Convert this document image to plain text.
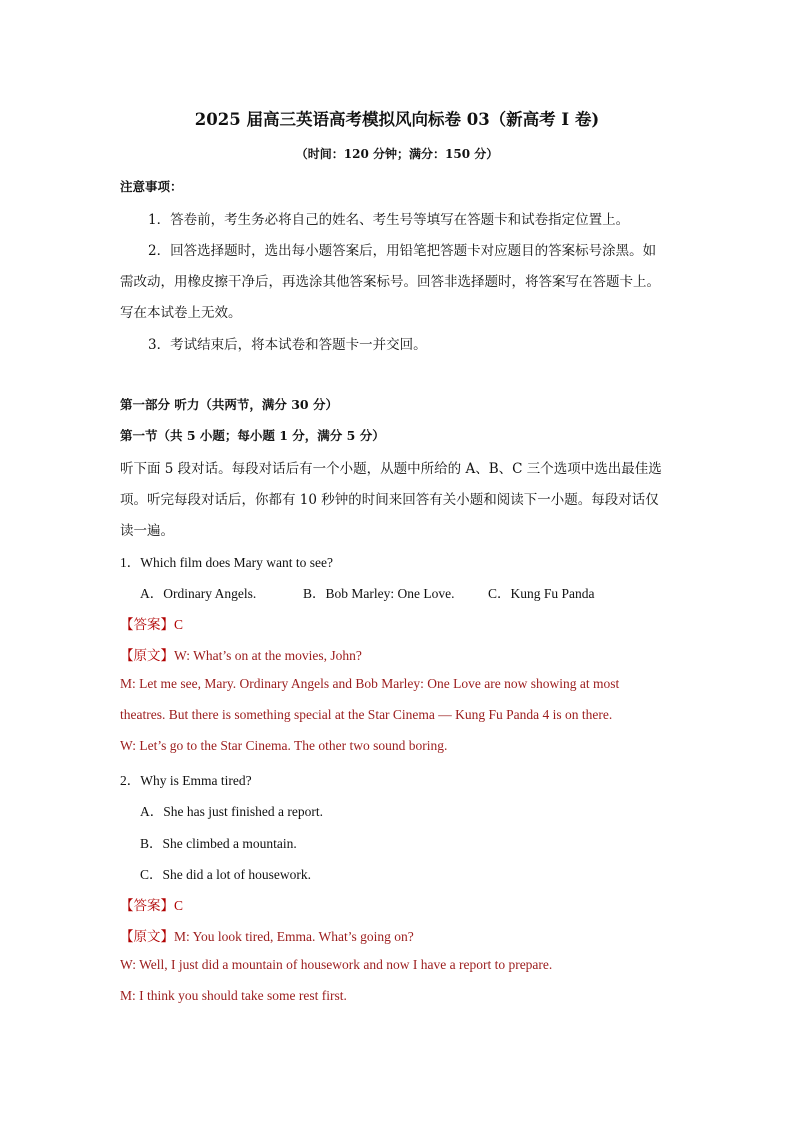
2025 届高三英语高考模拟风向标卷 03（新高考 I 卷)
（时间：120 分钟；满分：150 分）
注意事项：
1．答卷前，考生务必将自己的姓名、考生号等填写在答题卡和试卷指定位置上。
2．回答选择题时，选出每小题答案后，用铅笔把答题卡对应题目的答案标号涂黑。如
需改动，用橡皮擦干净后，再选涂其他答案标号。回答非选择题时，将答案写在答题卡上。
写在本试卷上无效。
3．考试结束后，将本试卷和答题卡一并交回。
第一部分 听力（共两节，满分 30 分）
第一节（共 5 小题；每小题 1 分，满分 5 分）
听下面 5 段对话。每段对话后有一个小题，从题中所给的 A、B、C 三个选项中选出最佳选
项。听完每段对话后，你都有 10 秒钟的时间来回答有关小题和阅读下一小题。每段对话仅
读一遍。
1．Which film does Mary want to see?
A．Ordinary Angels.	B．Bob Marley: One Love. C．Kung Fu Panda
【答案】C
【原文】W: What’s on at the movies, John?
M: Let me see, Mary. Ordinary Angels and Bob Marley: One Love are now showing at most
theatres. But there is something special at the Star Cinema — Kung Fu Panda 4 is on there.
W: Let’s go to the Star Cinema. The other two sound boring.
2．Why is Emma tired?
A．She has just finished a report.
B．She climbed a mountain.
C．She did a lot of housework.
【答案】C
【原文】M: You look tired, Emma. What’s going on?
W: Well, I just did a mountain of housework and now I have a report to prepare.
M: I think you should take some rest first.
